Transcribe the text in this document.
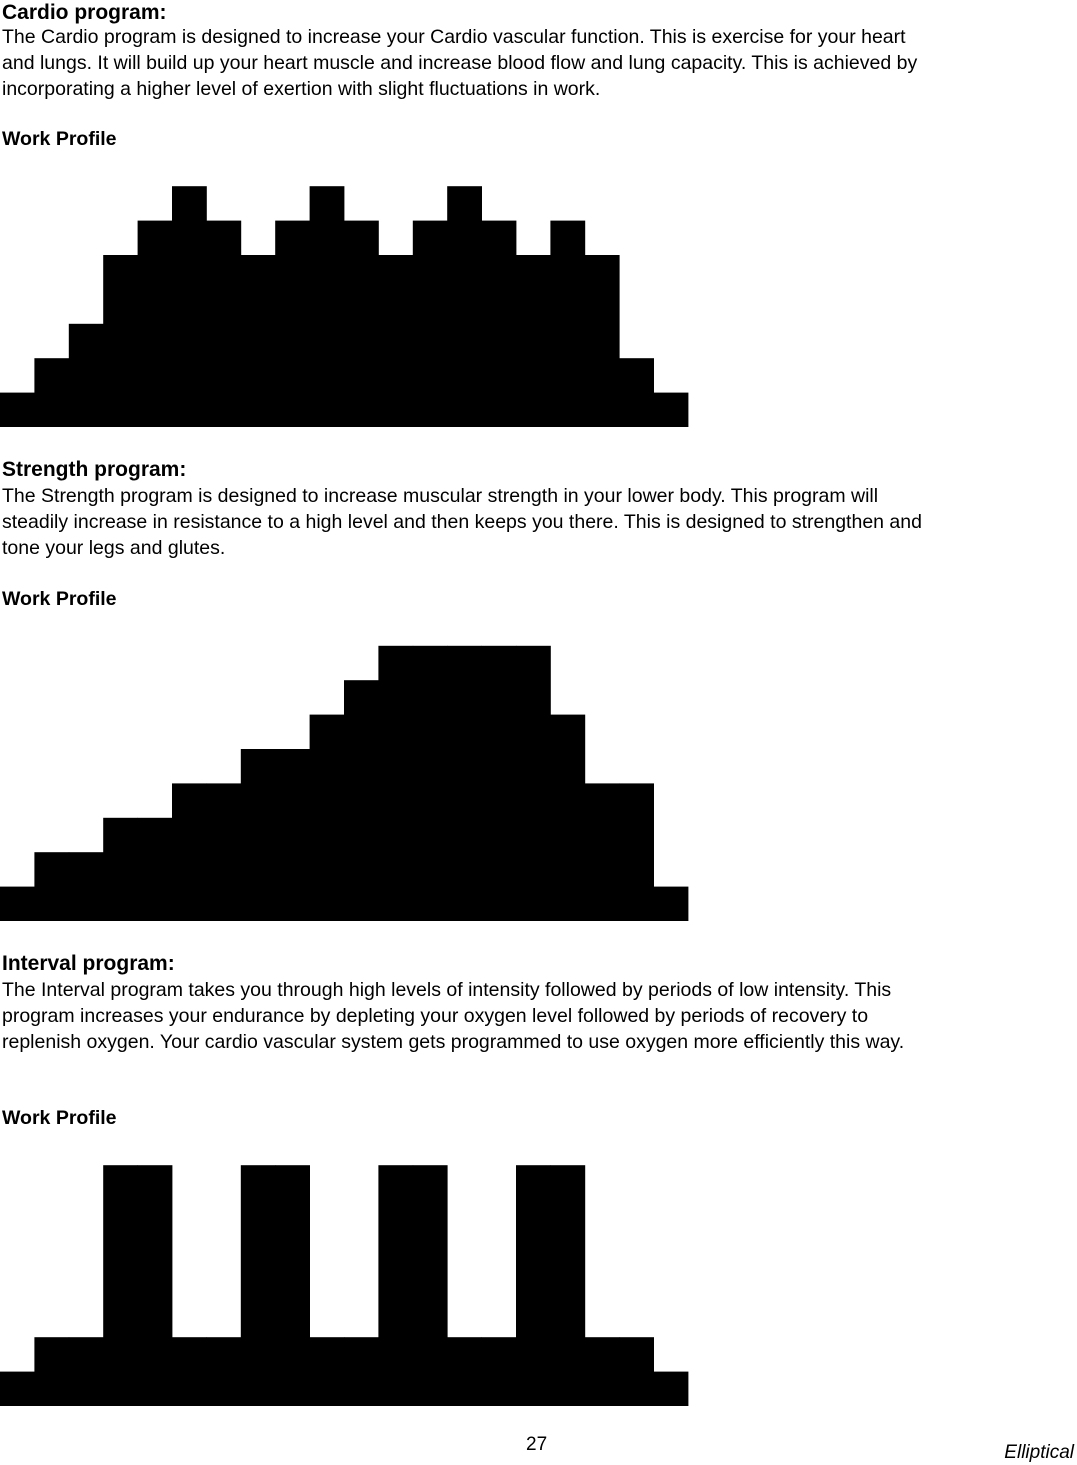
Cardio program:
The Cardio program is designed to increase your Cardio vascular function. This is exercise for your heart
and lungs. It will build up your heart muscle and increase blood flow and lung capacity. This is achieved by
incorporating a higher level of exertion with slight fluctuations in work.
Work Profile
Strength program:
The Strength program is designed to increase muscular strength in your lower body. This program will
steadily increase in resistance to a high level and then keeps you there. This is designed to strengthen and
tone your legs and glutes.
Work Profile
Interval program:
The Interval program takes you through high levels of intensity followed by periods of low intensity. This
program increases your endurance by depleting your oxygen level followed by periods of recovery to
replenish oxygen. Your cardio vascular system gets programmed to use oxygen more efficiently this way.
Work Profile
27	Elliptical
